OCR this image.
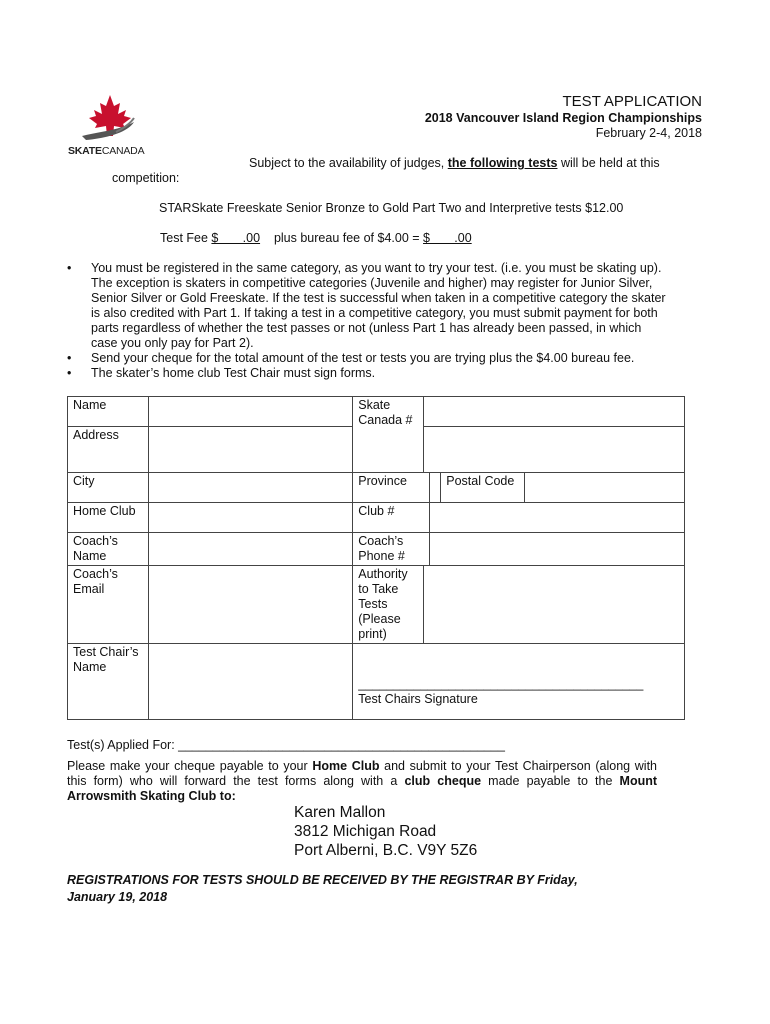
SKATECANADA
TEST APPLICATION
2018 Vancouver Island Region Championships
February 2-4, 2018
Subject to the availability of judges, the following tests will be held at this
competition:
STARSkate Freeskate Senior Bronze to Gold Part Two and Interpretive tests $12.00
Test Fee $       .00    plus bureau fee of $4.00 = $       .00
• You must be registered in the same category, as you want to try your test. (i.e. you must be skating up). The exception is skaters in competitive categories (Juvenile and higher) may register for Junior Silver, Senior Silver or Gold Freeskate. If the test is successful when taken in a competitive category the skater is also credited with Part 1. If taking a test in a competitive category, you must submit payment for both parts regardless of whether the test passes or not (unless Part 1 has already been passed, in which case you only pay for Part 2).
• Send your cheque for the total amount of the test or tests you are trying plus the $4.00 bureau fee.
• The skater’s home club Test Chair must sign forms.
Name		Skate Canada #				
Address						
City		Province			Postal Code	
Home Club		Club #				
Coach’s Name		Coach’s Phone #				
Coach’s Email		Authority to Take Tests (Please print)				
Test Chair’s Name		_________________________________________
Test Chairs Signature				
Test(s) Applied For: _______________________________________________
Please make your cheque payable to your Home Club and submit to your Test Chairperson (along with this form) who will forward the test forms along with a club cheque made payable to the Mount Arrowsmith Skating Club to:
Karen Mallon
3812 Michigan Road
Port Alberni, B.C. V9Y 5Z6
REGISTRATIONS FOR TESTS SHOULD BE RECEIVED BY THE REGISTRAR BY Friday, January 19, 2018
